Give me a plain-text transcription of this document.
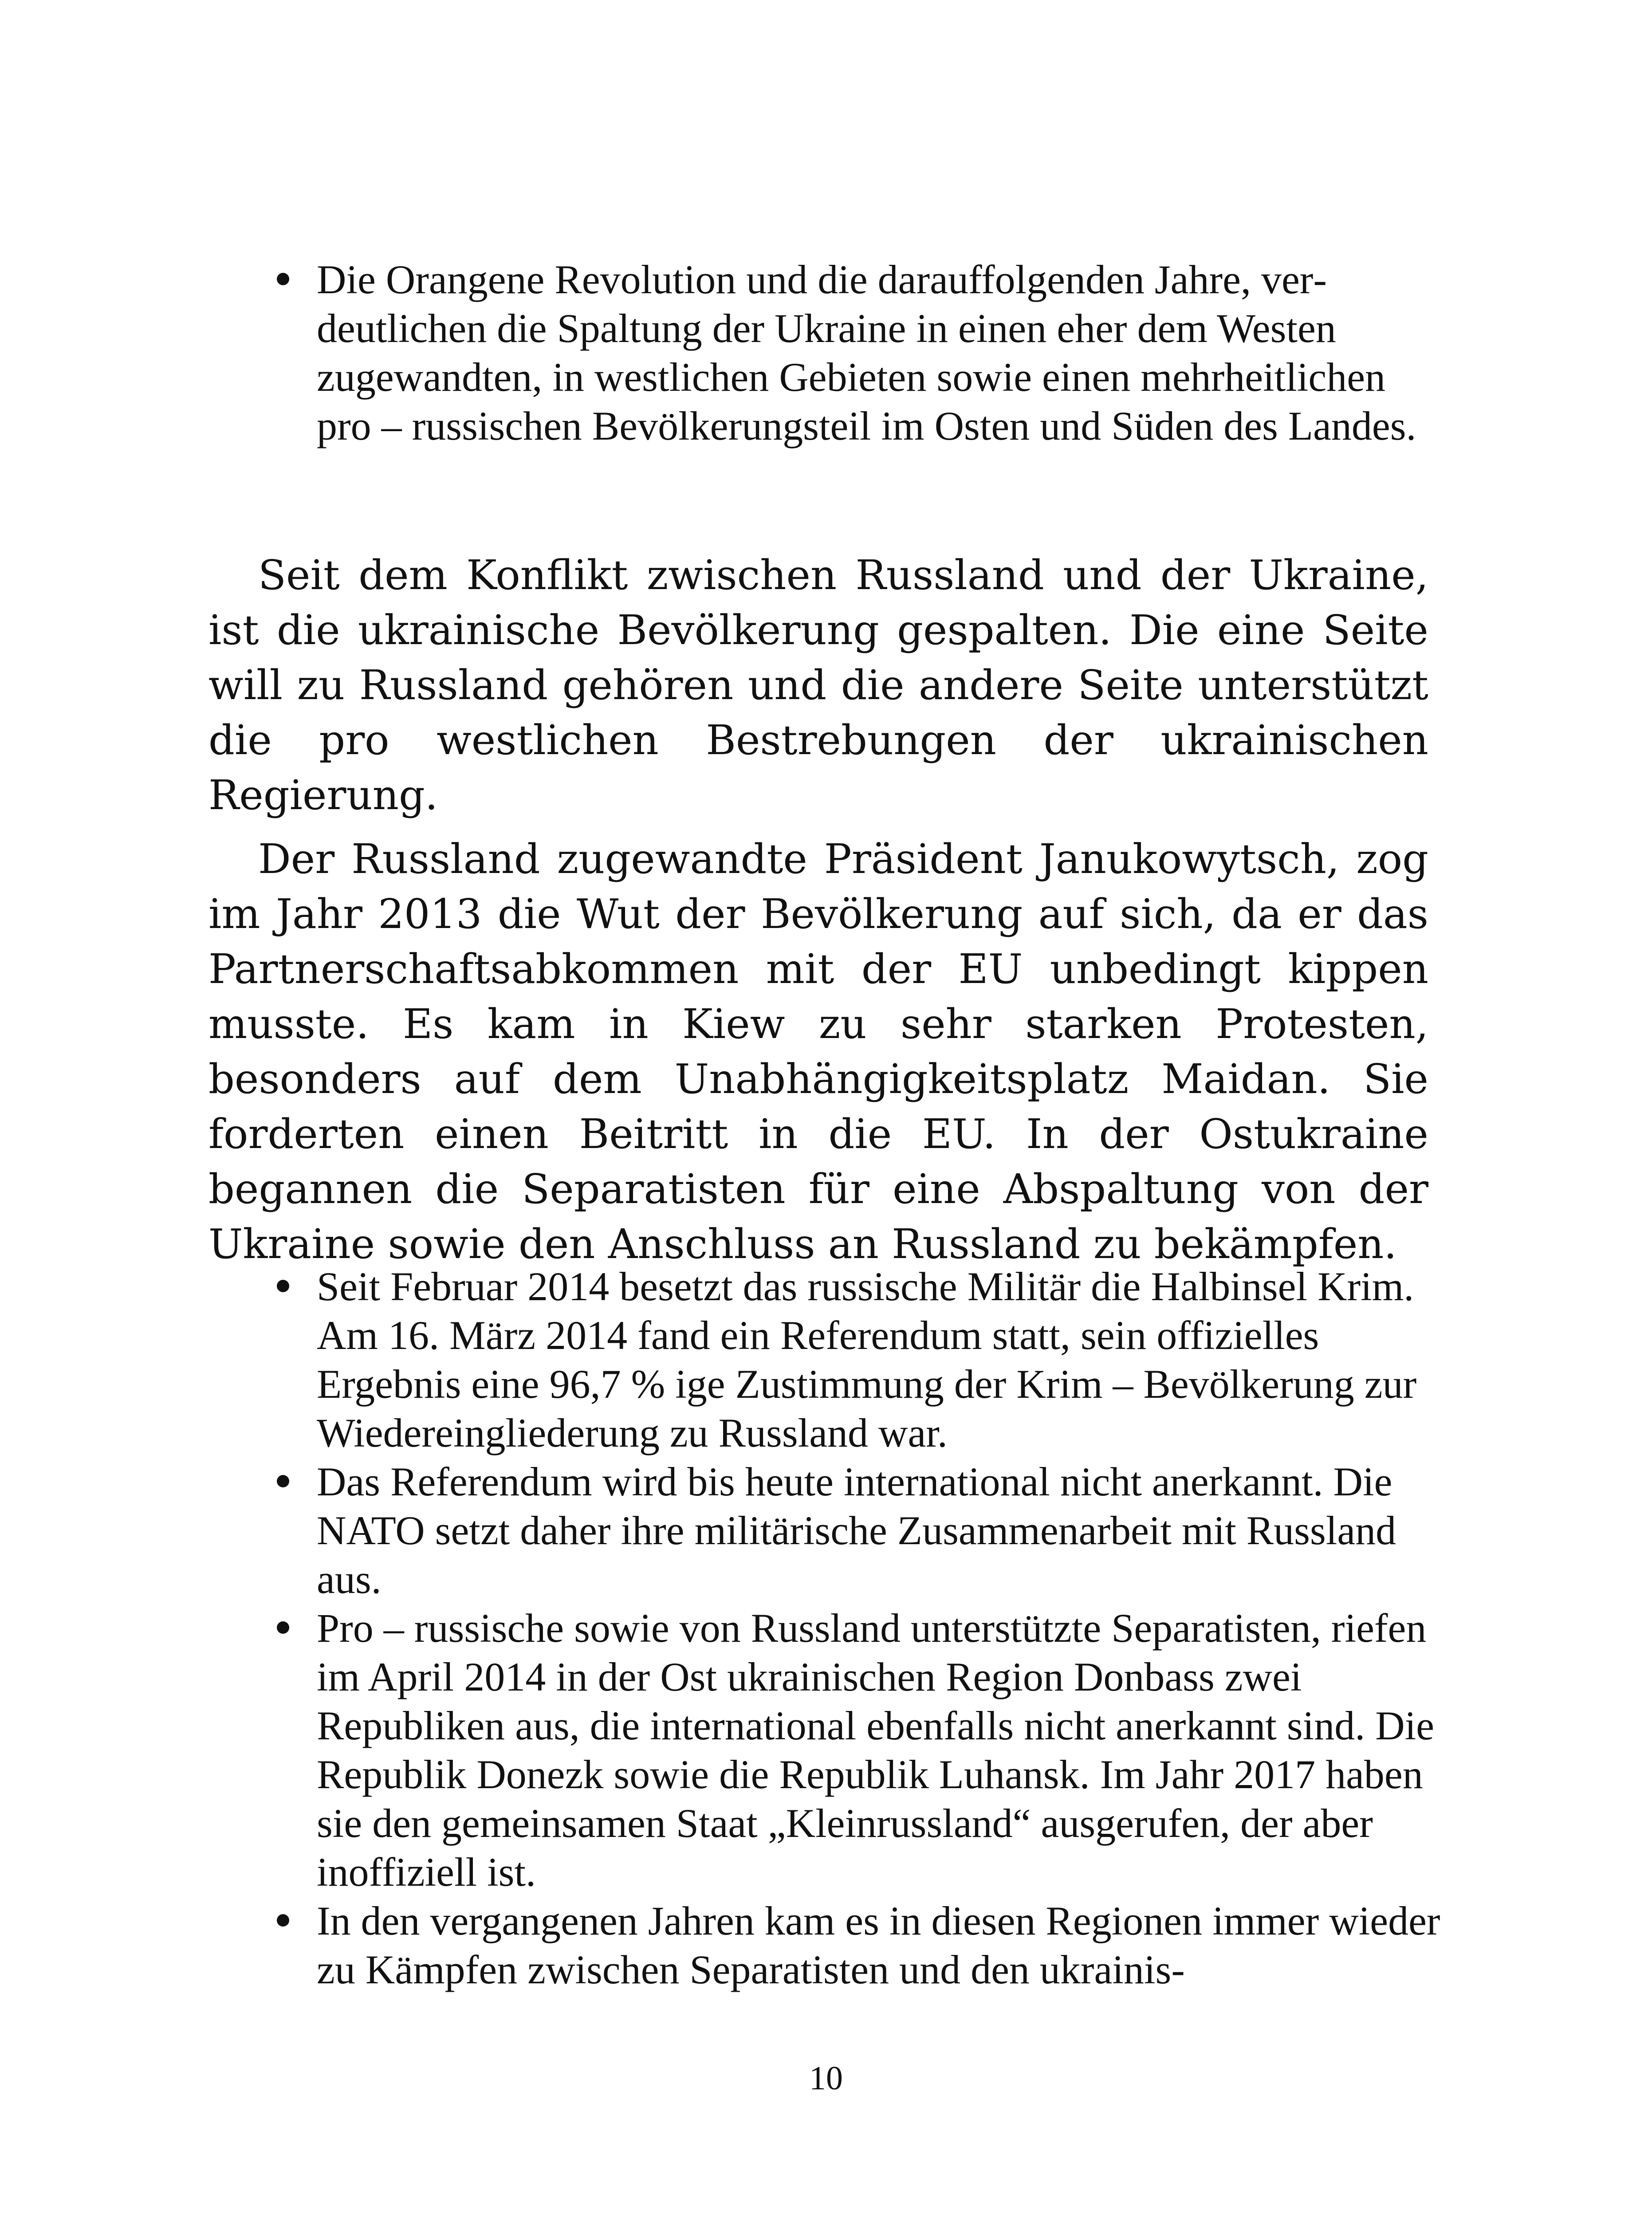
Die Orangene Revolution und die darauffolgenden Jahre, verdeutlichen die Spaltung der Ukraine in einen eher dem Westen zugewandten, in westlichen Gebieten sowie einen mehrheitlichen pro – russischen Bevölkerungsteil im Osten und Süden des Landes.

Seit dem Konflikt zwischen Russland und der Ukraine, ist die ukrainische Bevölkerung gespalten. Die eine Seite will zu Russland gehören und die andere Seite unterstützt die pro westlichen Bestrebungen der ukrainischen Regierung.

Der Russland zugewandte Präsident Janukowytsch, zog im Jahr 2013 die Wut der Bevölkerung auf sich, da er das Partnerschaftsabkommen mit der EU unbedingt kippen musste. Es kam in Kiew zu sehr starken Protesten, besonders auf dem Unabhängigkeitsplatz Maidan. Sie forderten einen Beitritt in die EU. In der Ostukraine begannen die Separatisten für eine Abspaltung von der Ukraine sowie den Anschluss an Russland zu bekämpfen.

Seit Februar 2014 besetzt das russische Militär die Halbinsel Krim. Am 16. März 2014 fand ein Referendum statt, sein offizielles Ergebnis eine 96,7 % ige Zustimmung der Krim – Bevölkerung zur Wiedereingliederung zu Russland war.
Das Referendum wird bis heute international nicht anerkannt. Die NATO setzt daher ihre militärische Zusammenarbeit mit Russland aus.
Pro – russische sowie von Russland unterstützte Separatisten, riefen im April 2014 in der Ost ukrainischen Region Donbass zwei Republiken aus, die international ebenfalls nicht anerkannt sind. Die Republik Donezk sowie die Republik Luhansk. Im Jahr 2017 haben sie den gemeinsamen Staat „Kleinrussland“ ausgerufen, der aber inoffiziell ist.
In den vergangenen Jahren kam es in diesen Regionen immer wieder zu Kämpfen zwischen Separatisten und den ukrainis-
10
